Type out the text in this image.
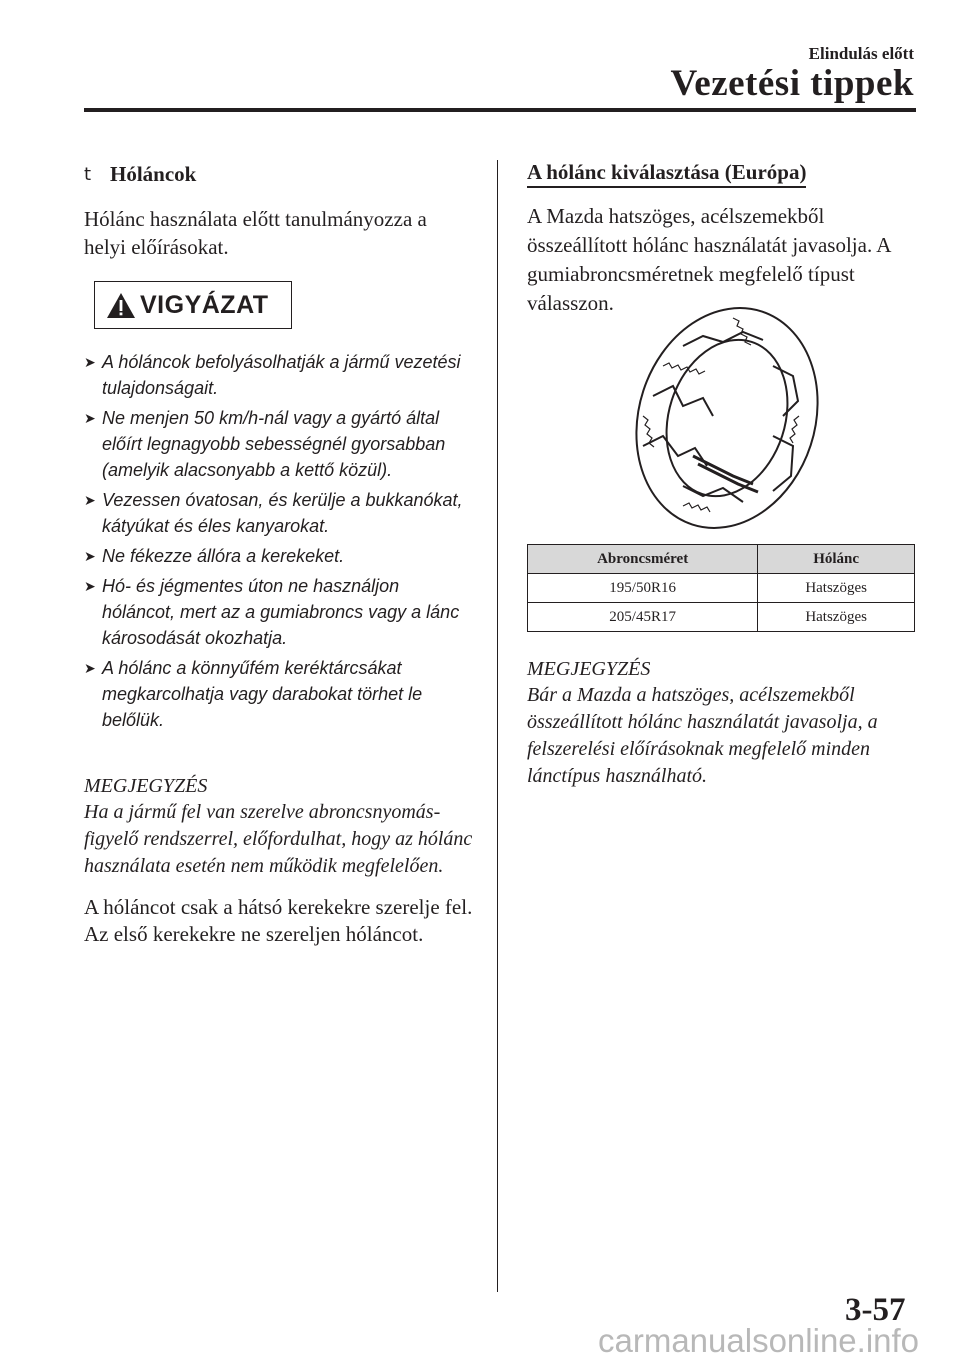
Elindulás előtt
Vezetési tippek
t Hóláncok
Hólánc használata előtt tanulmányozza a helyi előírásokat.
VIGYÁZAT
➤ A hóláncok befolyásolhatják a jármű vezetési tulajdonságait.
➤ Ne menjen 50 km/h-nál vagy a gyártó által előírt legnagyobb sebességnél gyorsabban (amelyik alacsonyabb a kettő közül).
➤ Vezessen óvatosan, és kerülje a bukkanókat, kátyúkat és éles kanyarokat.
➤ Ne fékezze állóra a kerekeket.
➤ Hó- és jégmentes úton ne használjon hóláncot, mert az a gumiabroncs vagy a lánc károsodását okozhatja.
➤ A hólánc a könnyűfém keréktárcsákat megkarcolhatja vagy darabokat törhet le belőlük.
MEGJEGYZÉS
Ha a jármű fel van szerelve abroncsnyomás-figyelő rendszerrel, előfordulhat, hogy az hólánc használata esetén nem működik megfelelően.
A hóláncot csak a hátsó kerekekre szerelje fel.
Az első kerekekre ne szereljen hóláncot.
A hólánc kiválasztása (Európa)
A Mazda hatszöges, acélszemekből összeállított hólánc használatát javasolja. A gumiabroncsméretnek megfelelő típust válasszon.
Abroncsméret	Hólánc
195/50R16	Hatszöges
205/45R17	Hatszöges
MEGJEGYZÉS
Bár a Mazda a hatszöges, acélszemekből összeállított hólánc használatát javasolja, a felszerelési előírásoknak megfelelő minden lánctípus használható.
3-57
carmanualsonline.info
